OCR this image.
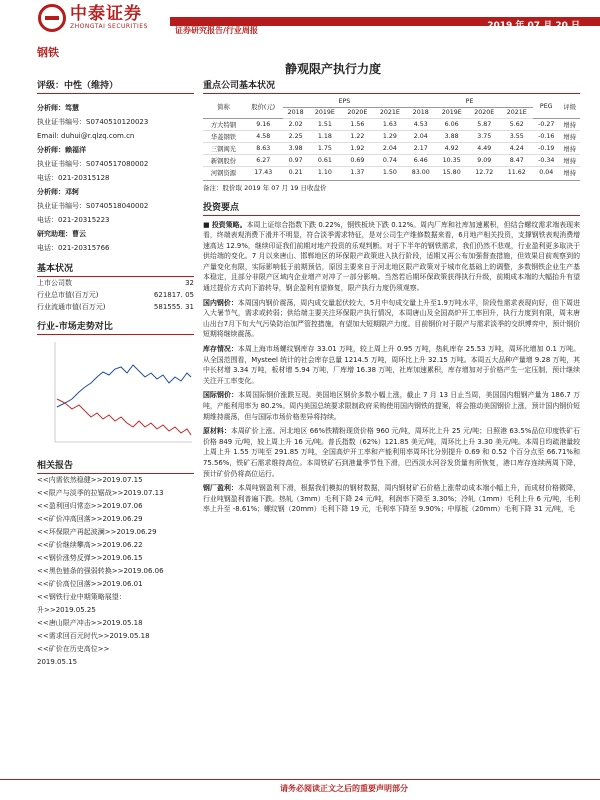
中泰证券
ZHONGTAI SECURITIES	证券研究报告/行业周报	2019 年 07 月 20 日
钢铁
静观限产执行力度
评级：中性（维持）
分析师：笃慧
执业证书编号：S0740510120023
Email: duhui@r.qlzq.com.cn
分析师：赖福洋
执业证书编号：S0740517080002
电话：021-20315128
分析师：邓轲
执业证书编号：S0740518040002
电话：021-20315223
研究助理：曹云
电话：021-20315766
基本状况
上市公司数	32
行业总市值(百万元)	621817. 05
行业流通市值(百万元)	581555. 31
行业-市场走势对比
相关报告
<<内需依然稳健>>2019.07.15
<<限产与淡季的拉锯战>>2019.07.13
<<盈利回归常态>>2019.07.06
<<矿价冲高回落>>2019.06.29
<<环保限产再起波澜>>2019.06.29
<<矿价继续攀高>>2019.06.22
<<钢价涨势反弹>>2019.06.15
<<黑色链条的强弱转换>>2019.06.06
<<矿价高位回落>>2019.06.01
<<钢铁行业中期策略展望：
升>>2019.05.25
<<唐山限产冲击>>2019.05.18
<<需求回百元时代>>2019.05.18
<<矿价在历史高位>>
2019.05.15
重点公司基本状况
简称	股价(元)	EPS				PE				PEG	评级
		2018	2019E	2020E	2021E	2018	2019E	2020E	2021E		
方大特钢	9.16	2.02	1.51	1.56	1.63	4.53	6.06	5.87	5.62	-0.27	增持
华菱钢铁	4.58	2.25	1.18	1.22	1.29	2.04	3.88	3.75	3.55	-0.16	增持
三钢闽光	8.63	3.98	1.75	1.92	2.04	2.17	4.92	4.49	4.24	-0.19	增持
新钢股份	6.27	0.97	0.61	0.69	0.74	6.46	10.35	9.09	8.47	-0.34	增持
河钢资源	17.43	0.21	1.10	1.37	1.50	83.00	15.80	12.72	11.62	0.04	增持
备注：股价取 2019 年 07 月 19 日收盘价
投资要点
■ 投资策略。本周上证综合指数下跌 0.22%，钢铁板块下跌 0.12%。周内厂库和社库加速累积，但结合螺纹需求端表现来看，终端表观消费下滑并不明显，符合淡季需求特征，是对公司生产维修数据来看，6月地产相关投资，支撑钢铁表观消费增速高达 12.9%，继续印证我们前期对地产投资的乐观判断。对于下半年的钢铁需求，我们仍然不悲观，行业盈利更多取决于供给端的变化。7 月以来唐山、邯郸地区的环保限产政策进入执行阶段，适期又再公布加强督查措施，但效果目前观察到的产量变化有限，实际影响低于前期预估，原因主要来自于河北地区限产政策对于城市化基础上的调整，多数钢铁企业生产基本稳定，且部分非限产区域内企业增产对冲了一部分影响。当然若后期环保政策获得执行升级，前期成本端的大幅抬升有望通过提价方式向下游转导，钢企盈利有望修复，限产执行力度仍须观察。
国内钢价：本周国内钢价震荡，周内成交量起伏较大，5月中旬成交量上升至1.9万吨水平，阶段性需求表现向好，但下周进入大暑节气，需求或转弱；供给端主要关注环保限产执行情况，本周唐山及全国高炉开工率回升，执行力度到有限，周末唐山出台7月下旬大气污染防治加严管控措施，有望加大短期限产力度。目前钢价对于限产与需求淡季的交织博弈中，预计钢价短期将继续震荡。
库存情况：本周上海市场螺纹钢库存 33.01 万吨，较上周上升 0.95 万吨，热轧库存 25.53 万吨，周环比增加 0.1 万吨。从全国范围看，Mysteel 统计的社会库存总量 1214.5 万吨，周环比上升 32.15 万吨。本周五大品种产量增 9.28 万吨，其中长材增 3.34 万吨，板材增 5.94 万吨，厂库增 16.38 万吨，社库加速累积，库存增加对于价格产生一定压制，预计继续关注开工率变化。
国际钢价：本周国际钢价涨跌互现。美国地区钢价多数小幅上涨，截止 7 月 13 日止当周，美国国内粗钢产量为 186.7 万吨，产能利用率为 80.2%。周内美国总统要求限制政府采购使用国内钢铁的提案，将会推动美国钢价上涨，预计国内钢价短期维持震荡，但与国际市场价格差异将持续。
原材料：本周矿价上涨。河北地区 66%铁精粉现货价格 960 元/吨，周环比上升 25 元/吨；日照港 63.5%品位印度铁矿石价格 849 元/吨，较上周上升 16 元/吨。普氏指数（62%）121.85 美元/吨，周环比上升 3.30 美元/吨。本周日均疏港量较上周上升 1.55 万吨至 291.85 万吨，全国高炉开工率和产能利用率周环比分别提升 0.69 和 0.52 个百分点至 66.71%和 75.56%，铁矿石需求维持高位。本周铁矿石到港量季节性下滑，巴西淡水河谷发货量有所恢复，港口库存连续两周下降，预计矿价仍将高位运行。
钢厂盈利：本周吨钢盈利下滑，根据我们模拟的钢材数据，周内钢材矿石价格上涨带动成本端小幅上升，而成材价格微降，行业吨钢盈利普遍下跌。热轧（3mm）毛利下降 24 元/吨，利润率下降至 3.30%；冷轧（1mm）毛利上升 6 元/吨，毛利率上升至 -8.61%；螺纹钢（20mm）毛利下降 19 元，毛利率下降至 9.90%；中厚板（20mm）毛利下降 31 元/吨，毛
请务必阅读正文之后的重要声明部分
